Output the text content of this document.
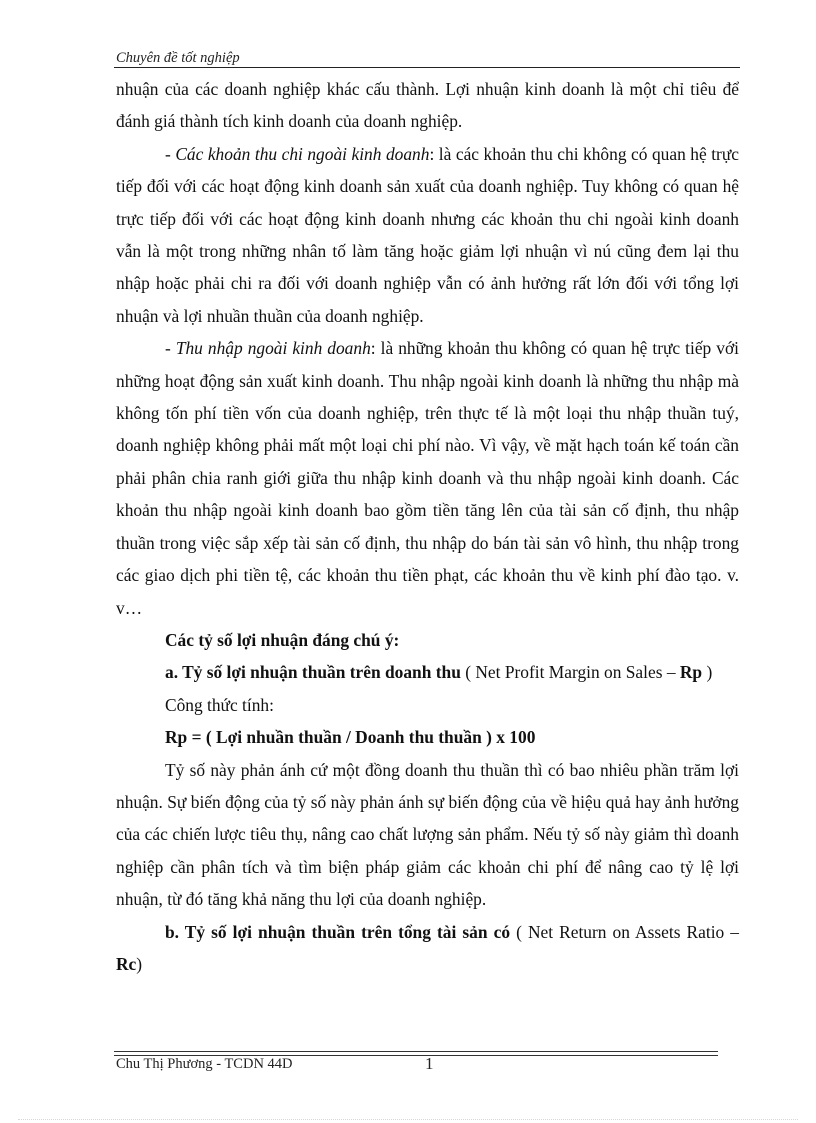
Chuyên đề tốt nghiệp

nhuận của các doanh nghiệp khác cấu thành. Lợi nhuận kinh doanh là một chỉ tiêu để đánh giá thành tích kinh doanh của doanh nghiệp.

- Các khoản thu chi ngoài kinh doanh: là các khoản thu chi không có quan hệ trực tiếp đối với các hoạt động kinh doanh sản xuất của doanh nghiệp. Tuy không có quan hệ trực tiếp đối với các hoạt động kinh doanh nhưng các khoản thu chi ngoài kinh doanh vẫn là một trong những nhân tố làm tăng hoặc giảm lợi nhuận vì nú cũng đem lại thu nhập hoặc phải chi ra đối với doanh nghiệp vẫn có ảnh hưởng rất lớn đối với tổng lợi nhuận và lợi nhuần thuần của doanh nghiệp.

- Thu nhập ngoài kinh doanh: là những khoản thu không có quan hệ trực tiếp với những hoạt động sản xuất kinh doanh. Thu nhập ngoài kinh doanh là những thu nhập mà không tốn phí tiền vốn của doanh nghiệp, trên thực tế là một loại thu nhập thuần tuý, doanh nghiệp không phải mất một loại chi phí nào. Vì vậy, về mặt hạch toán kế toán cần phải phân chia ranh giới giữa thu nhập kinh doanh và thu nhập ngoài kinh doanh. Các khoản thu nhập ngoài kinh doanh bao gồm tiền tăng lên của tài sản cố định, thu nhập thuần trong việc sắp xếp tài sản cố định, thu nhập do bán tài sản vô hình, thu nhập trong các giao dịch phi tiền tệ, các khoản thu tiền phạt, các khoản thu về kinh phí đào tạo. v. v…

Các tỷ số lợi nhuận đáng chú ý:

a. Tỷ số lợi nhuận thuần trên doanh thu ( Net Profit Margin on Sales – Rp )

Công thức tính:

Rp = ( Lợi nhuần thuần / Doanh thu thuần ) x 100

Tỷ số này phản ánh cứ một đồng doanh thu thuần thì có bao nhiêu phần trăm lợi nhuận. Sự biến động của tỷ số này phản ánh sự biến động của về hiệu quả hay ảnh hưởng của các chiến lược tiêu thụ, nâng cao chất lượng sản phẩm. Nếu tỷ số này giảm thì doanh nghiệp cần phân tích và tìm biện pháp giảm các khoản chi phí để nâng cao tỷ lệ lợi nhuận, từ đó tăng khả năng thu lợi của doanh nghiệp.

b. Tỷ số lợi nhuận thuần trên tổng tài sản có ( Net Return on Assets Ratio – Rc)

Chu Thị Phương - TCDN 44D	1
